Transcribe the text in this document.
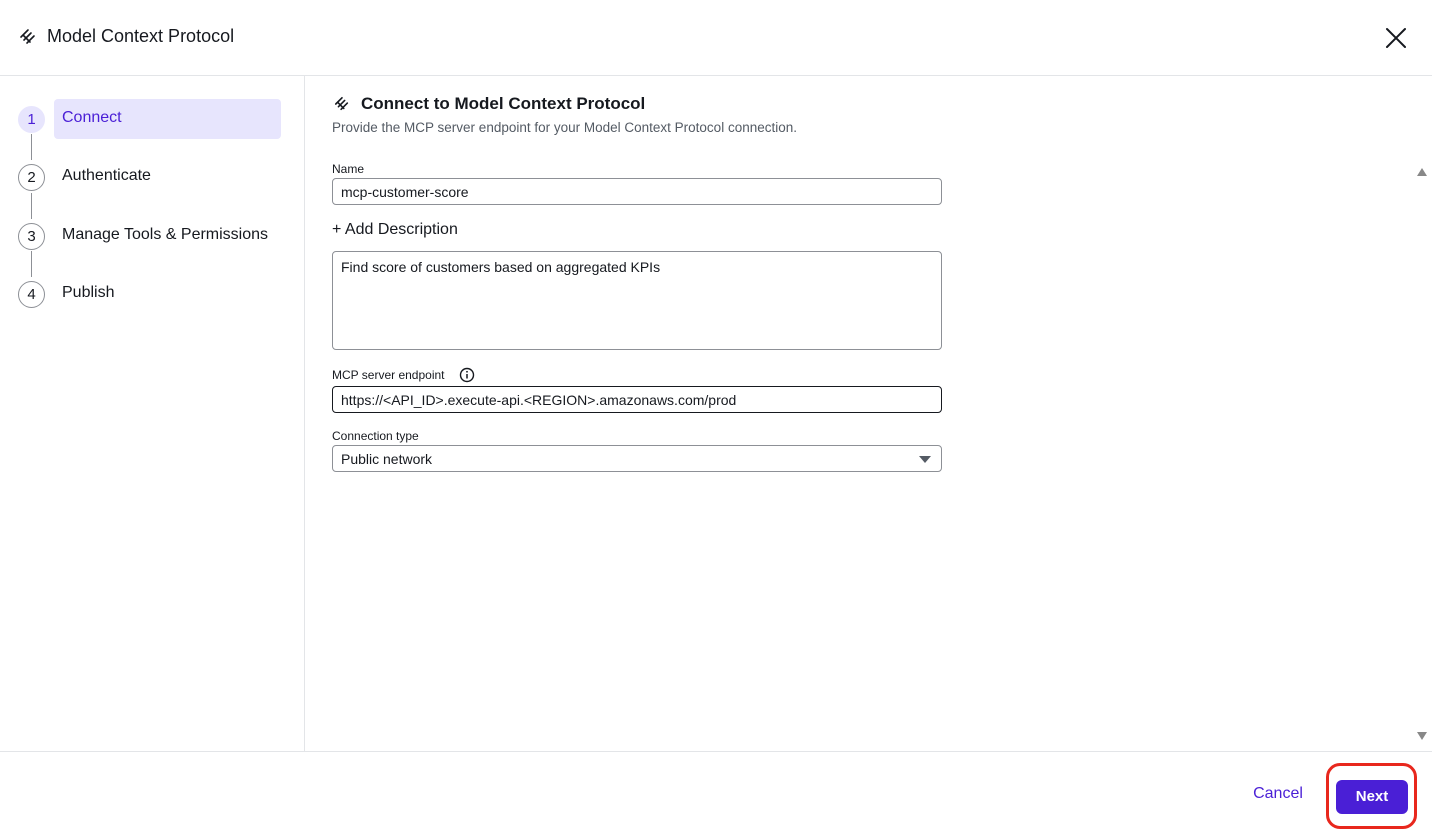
Model Context Protocol
1	Connect
2	Authenticate
3	Manage Tools & Permissions
4	Publish
Connect to Model Context Protocol
Provide the MCP server endpoint for your Model Context Protocol connection.
Name
mcp-customer-score
+ Add Description
Find score of customers based on aggregated KPIs
MCP server endpoint
https://<API_ID>.execute-api.<REGION>.amazonaws.com/prod
Connection type
Public network
Cancel	Next
